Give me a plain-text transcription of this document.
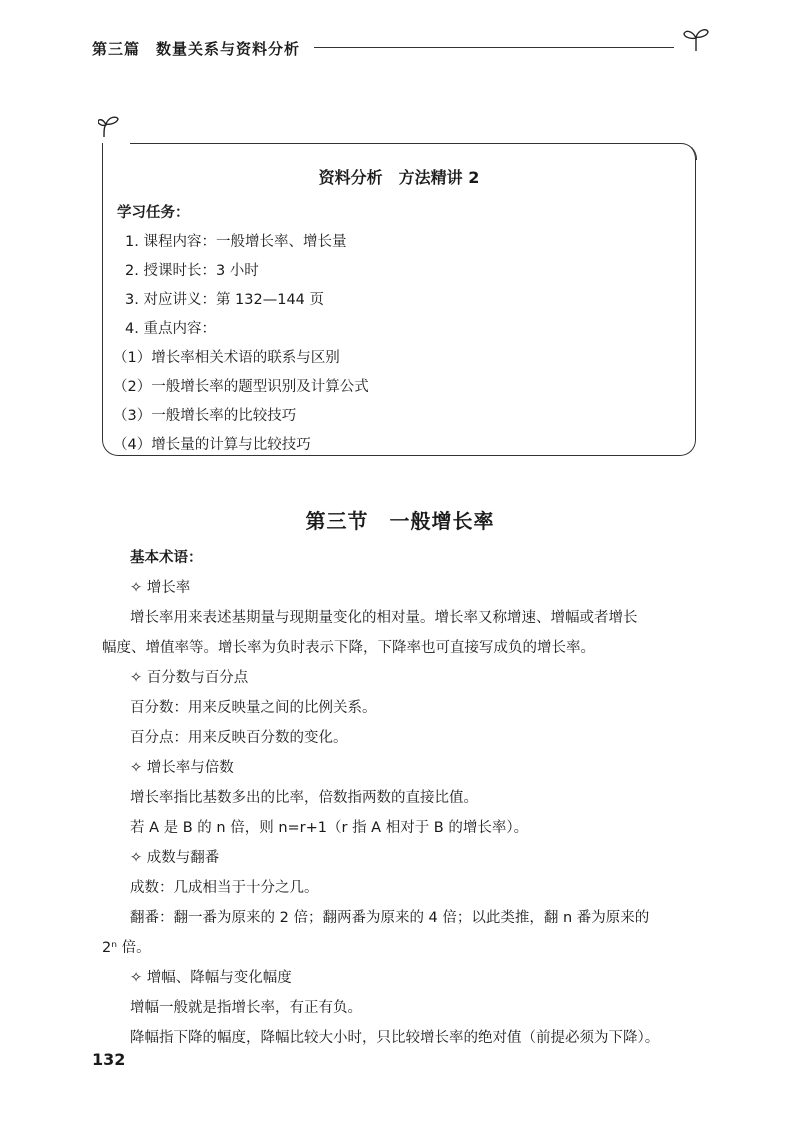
第三篇　数量关系与资料分析
资料分析　方法精讲 2
学习任务：
1. 课程内容：一般增长率、增长量
2. 授课时长：3 小时
3. 对应讲义：第 132—144 页
4. 重点内容：
（1）增长率相关术语的联系与区别
（2）一般增长率的题型识别及计算公式
（3）一般增长率的比较技巧
（4）增长量的计算与比较技巧
第三节　一般增长率
基本术语：
✧ 增长率
增长率用来表述基期量与现期量变化的相对量。增长率又称增速、增幅或者增长
幅度、增值率等。增长率为负时表示下降，下降率也可直接写成负的增长率。
✧ 百分数与百分点
百分数：用来反映量之间的比例关系。
百分点：用来反映百分数的变化。
✧ 增长率与倍数
增长率指比基数多出的比率，倍数指两数的直接比值。
若 A 是 B 的 n 倍，则 n=r+1（r 指 A 相对于 B 的增长率）。
✧ 成数与翻番
成数：几成相当于十分之几。
翻番：翻一番为原来的 2 倍；翻两番为原来的 4 倍；以此类推，翻 n 番为原来的
2ⁿ 倍。
✧ 增幅、降幅与变化幅度
增幅一般就是指增长率，有正有负。
降幅指下降的幅度，降幅比较大小时，只比较增长率的绝对值（前提必须为下降）。
132
